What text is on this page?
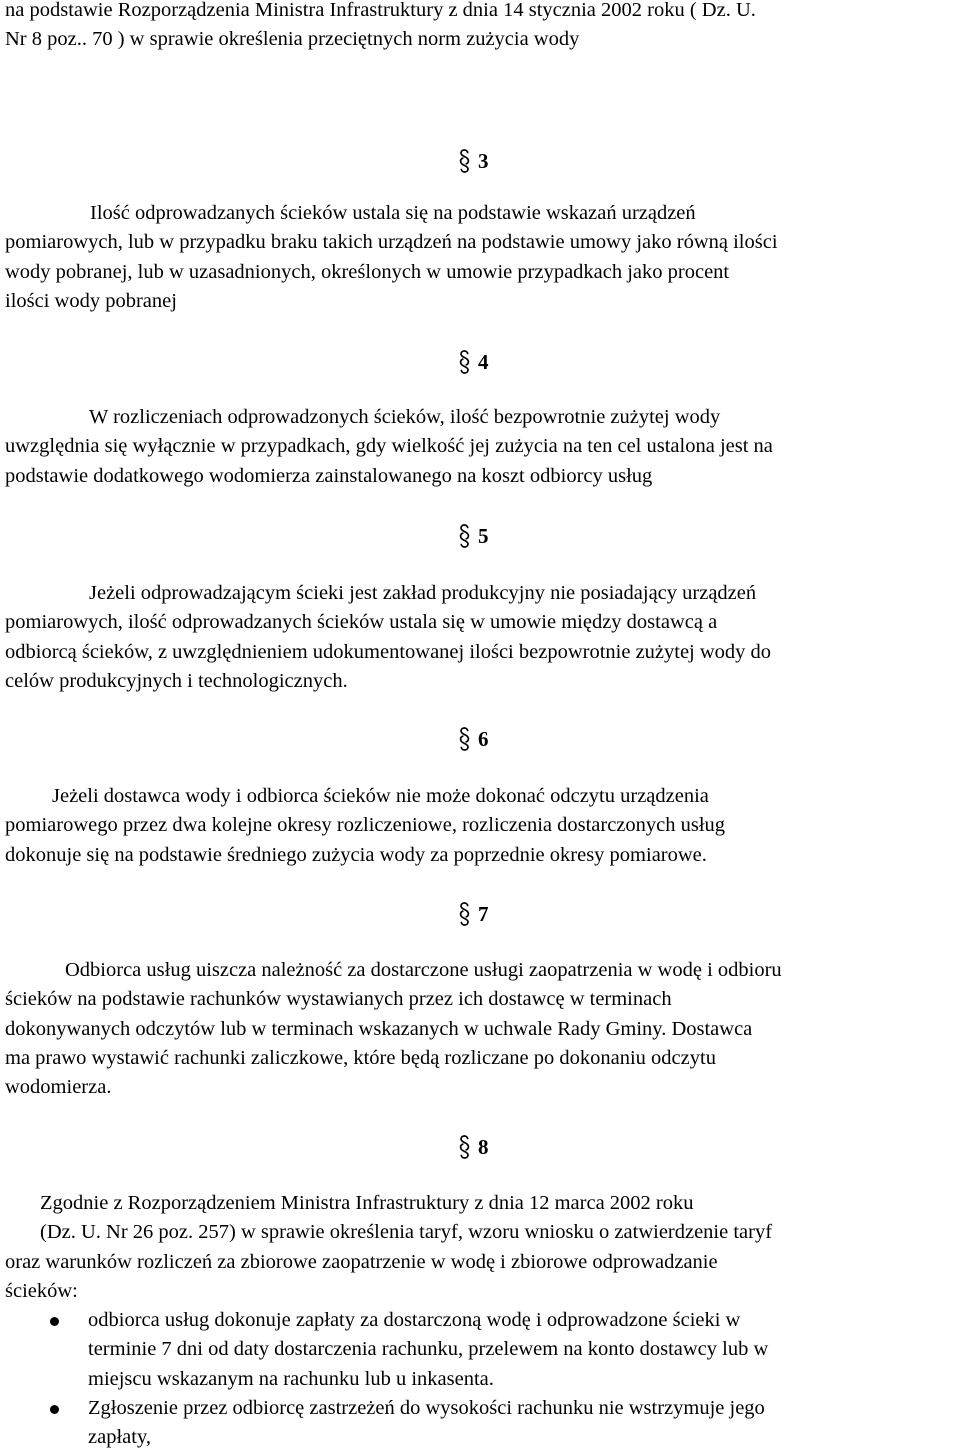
na podstawie Rozporządzenia Ministra Infrastruktury z dnia 14 stycznia 2002 roku ( Dz. U.
Nr 8 poz.. 70 ) w sprawie określenia przeciętnych norm zużycia wody

3

Ilość odprowadzanych ścieków ustala się na podstawie wskazań urządzeń
pomiarowych, lub w przypadku braku takich urządzeń na podstawie umowy jako równą ilości
wody pobranej, lub w uzasadnionych, określonych w umowie przypadkach jako procent
ilości wody pobranej

4

W rozliczeniach odprowadzonych ścieków, ilość bezpowrotnie zużytej wody
uwzględnia się wyłącznie w przypadkach, gdy wielkość jej zużycia na ten cel ustalona jest na
podstawie dodatkowego wodomierza zainstalowanego na koszt odbiorcy usług

5

Jeżeli odprowadzającym ścieki jest zakład produkcyjny nie posiadający urządzeń
pomiarowych, ilość odprowadzanych ścieków ustala się w umowie między dostawcą a
odbiorcą ścieków, z uwzględnieniem udokumentowanej ilości bezpowrotnie zużytej wody do
celów produkcyjnych i technologicznych.

6

Jeżeli dostawca wody i odbiorca ścieków nie może dokonać odczytu urządzenia
pomiarowego przez dwa kolejne okresy rozliczeniowe, rozliczenia dostarczonych usług
dokonuje się na podstawie średniego zużycia wody za poprzednie okresy pomiarowe.

7

Odbiorca usług uiszcza należność za dostarczone usługi zaopatrzenia w wodę i odbioru
ścieków na podstawie rachunków wystawianych przez ich dostawcę w terminach
dokonywanych odczytów lub w terminach wskazanych w uchwale Rady Gminy. Dostawca
ma prawo wystawić rachunki zaliczkowe, które będą rozliczane po dokonaniu odczytu
wodomierza.

8

Zgodnie z Rozporządzeniem Ministra Infrastruktury z dnia 12 marca 2002 roku
(Dz. U. Nr 26 poz. 257) w sprawie określenia taryf, wzoru wniosku o zatwierdzenie taryf
oraz warunków rozliczeń za zbiorowe zaopatrzenie w wodę i zbiorowe odprowadzanie
ścieków:

odbiorca usług dokonuje zapłaty za dostarczoną wodę i odprowadzone ścieki w
terminie 7 dni od daty dostarczenia rachunku, przelewem na konto dostawcy lub w
miejscu wskazanym na rachunku lub u inkasenta.
Zgłoszenie przez odbiorcę zastrzeżeń do wysokości rachunku nie wstrzymuje jego
zapłaty,
